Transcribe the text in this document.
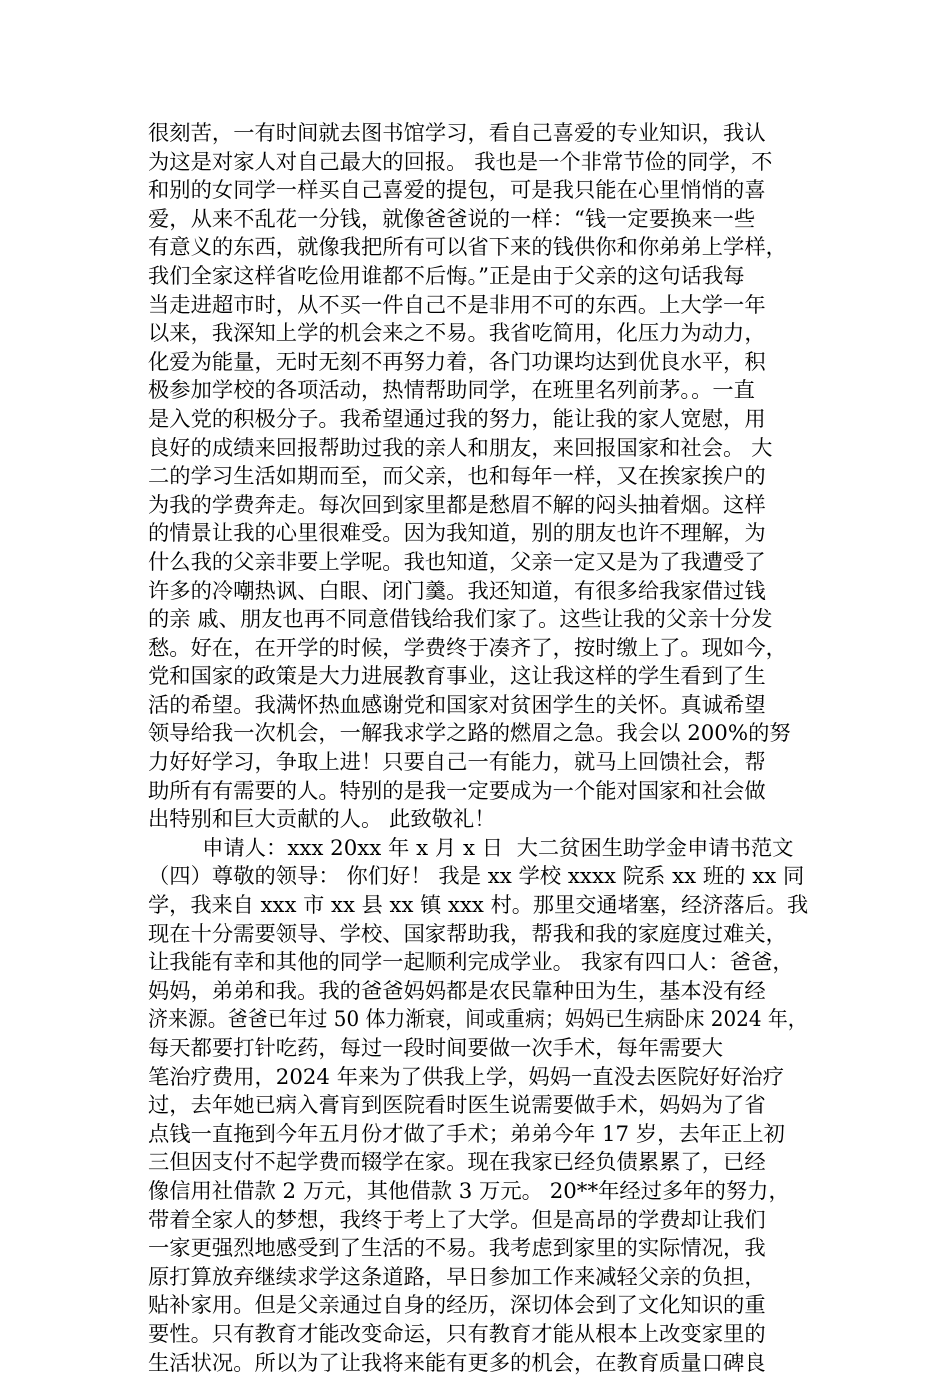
很刻苦，一有时间就去图书馆学习，看自己喜爱的专业知识，我认
为这是对家人对自己最大的回报。 我也是一个非常节俭的同学，不
和别的女同学一样买自己喜爱的提包，可是我只能在心里悄悄的喜
爱，从来不乱花一分钱，就像爸爸说的一样：“钱一定要换来一些
有意义的东西，就像我把所有可以省下来的钱供你和你弟弟上学样，
我们全家这样省吃俭用谁都不后悔。”正是由于父亲的这句话我每
当走进超市时，从不买一件自己不是非用不可的东西。上大学一年
以来，我深知上学的机会来之不易。我省吃简用，化压力为动力，
化爱为能量，无时无刻不再努力着，各门功课均达到优良水平，积
极参加学校的各项活动，热情帮助同学，在班里名列前茅。。一直
是入党的积极分子。我希望通过我的努力，能让我的家人宽慰，用
良好的成绩来回报帮助过我的亲人和朋友，来回报国家和社会。 大
二的学习生活如期而至，而父亲，也和每年一样，又在挨家挨户的
为我的学费奔走。每次回到家里都是愁眉不解的闷头抽着烟。这样
的情景让我的心里很难受。因为我知道，别的朋友也许不理解，为
什么我的父亲非要上学呢。我也知道，父亲一定又是为了我遭受了
许多的冷嘲热讽、白眼、闭门羹。我还知道，有很多给我家借过钱
的亲 戚、朋友也再不同意借钱给我们家了。这些让我的父亲十分发
愁。好在，在开学的时候，学费终于凑齐了，按时缴上了。现如今，
党和国家的政策是大力进展教育事业，这让我这样的学生看到了生
活的希望。我满怀热血感谢党和国家对贫困学生的关怀。真诚希望
领导给我一次机会，一解我求学之路的燃眉之急。我会以 200%的努
力好好学习，争取上进！只要自己一有能力，就马上回馈社会，帮
助所有有需要的人。特别的是我一定要成为一个能对国家和社会做
出特别和巨大贡献的人。 此致敬礼！
申请人：xxx 20xx 年 x 月 x 日  大二贫困生助学金申请书范文
（四）尊敬的领导： 你们好！ 我是 xx 学校 xxxx 院系 xx 班的 xx 同
学，我来自 xxx 市 xx 县 xx 镇 xxx 村。那里交通堵塞，经济落后。我
现在十分需要领导、学校、国家帮助我，帮我和我的家庭度过难关，
让我能有幸和其他的同学一起顺利完成学业。 我家有四口人：爸爸，
妈妈，弟弟和我。我的爸爸妈妈都是农民靠种田为生，基本没有经
济来源。爸爸已年过 50 体力渐衰，间或重病；妈妈已生病卧床 2024 年，
每天都要打针吃药，每过一段时间要做一次手术，每年需要大
笔治疗费用，2024 年来为了供我上学，妈妈一直没去医院好好治疗
过，去年她已病入膏肓到医院看时医生说需要做手术，妈妈为了省
点钱一直拖到今年五月份才做了手术；弟弟今年 17 岁，去年正上初
三但因支付不起学费而辍学在家。现在我家已经负债累累了，已经
像信用社借款 2 万元，其他借款 3 万元。 20**年经过多年的努力，
带着全家人的梦想，我终于考上了大学。但是高昂的学费却让我们
一家更强烈地感受到了生活的不易。我考虑到家里的实际情况，我
原打算放弃继续求学这条道路，早日参加工作来减轻父亲的负担，
贴补家用。但是父亲通过自身的经历，深切体会到了文化知识的重
要性。只有教育才能改变命运，只有教育才能从根本上改变家里的
生活状况。所以为了让我将来能有更多的机会，在教育质量口碑良
